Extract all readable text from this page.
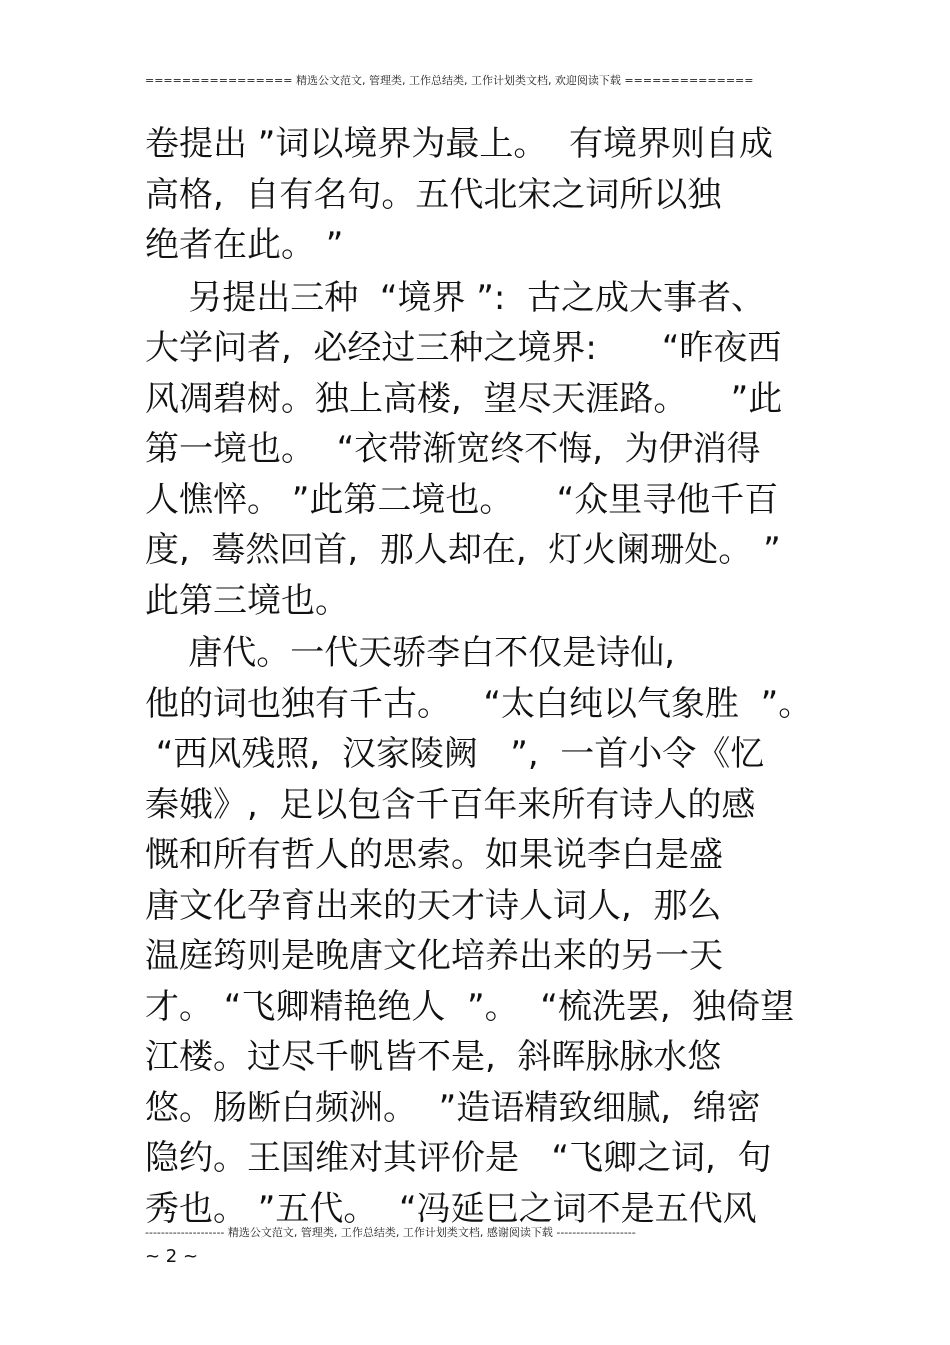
================ 精选公文范文, 管理类, 工作总结类, 工作计划类文档, 欢迎阅读下载 ==============
卷提出 ”词以境界为最上。  有境界则自成
高格,  自有名句。五代北宋之词所以独
绝者在此。 ”
另提出三种  “境界 ”:  古之成大事者、
大学问者,  必经过三种之境界:      “昨夜西
风凋碧树。独上高楼,  望尽天涯路。    ”此
第一境也。  “衣带渐宽终不悔,  为伊消得
人憔悴。 ”此第二境也。    “众里寻他千百
度,  蓦然回首,  那人却在,  灯火阑珊处。 ”
此第三境也。
唐代。一代天骄李白不仅是诗仙,
他的词也独有千古。   “太白纯以气象胜  ”。
“西风残照,  汉家陵阙   ”,  一首小令《忆
秦娥》,  足以包含千百年来所有诗人的感
慨和所有哲人的思索。如果说李白是盛
唐文化孕育出来的天才诗人词人,  那么
温庭筠则是晚唐文化培养出来的另一天
才。 “飞卿精艳绝人  ”。  “梳洗罢,  独倚望
江楼。过尽千帆皆不是,  斜晖脉脉水悠
悠。肠断白频洲。  ”造语精致细腻,  绵密
隐约。王国维对其评价是   “飞卿之词,  句
秀也。 ”五代。  “冯延巳之词不是五代风
-------------------- 精选公文范文, 管理类, 工作总结类, 工作计划类文档, 感谢阅读下载 --------------------
~ 2 ~
